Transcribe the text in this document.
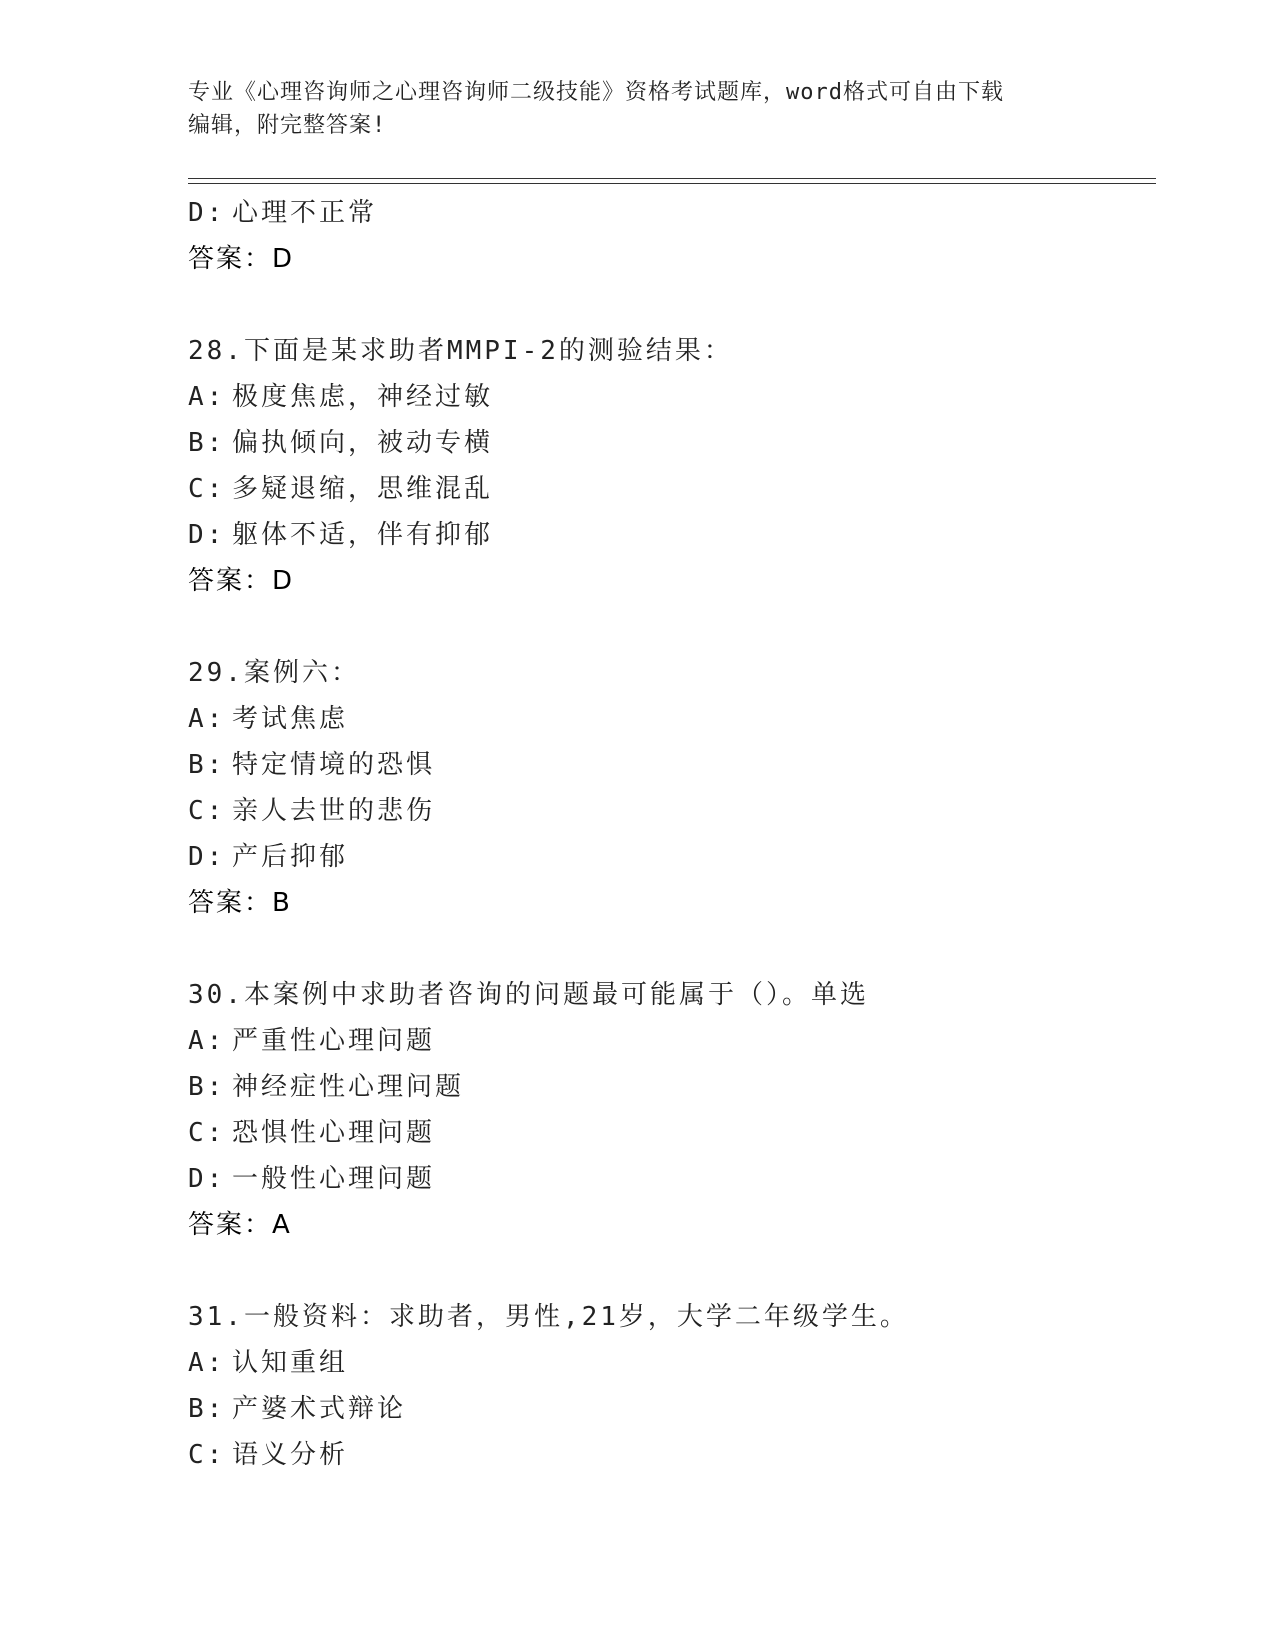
专业《心理咨询师之心理咨询师二级技能》资格考试题库，word格式可自由下载
编辑，附完整答案!
D: 心理不正常
答案：D
28.下面是某求助者MMPI-2的测验结果：
A: 极度焦虑，神经过敏
B: 偏执倾向，被动专横
C: 多疑退缩，思维混乱
D: 躯体不适，伴有抑郁
答案：D
29.案例六：
A: 考试焦虑
B: 特定情境的恐惧
C: 亲人去世的悲伤
D: 产后抑郁
答案：B
30.本案例中求助者咨询的问题最可能属于（）。单选
A: 严重性心理问题
B: 神经症性心理问题
C: 恐惧性心理问题
D: 一般性心理问题
答案：A
31.一般资料：求助者，男性,21岁，大学二年级学生。
A: 认知重组
B: 产婆术式辩论
C: 语义分析
